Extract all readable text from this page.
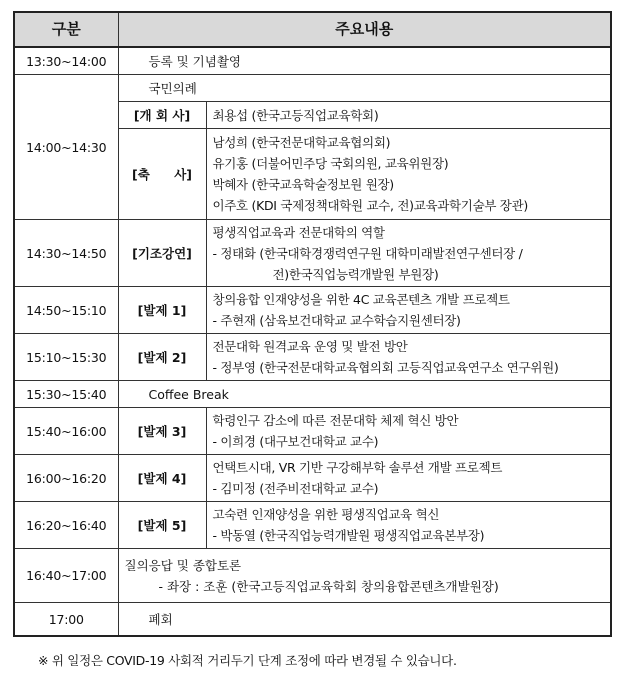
구분	주요내용	
13:30~14:00	등록 및 기념촬영	
14:00~14:30	국민의례	
	[개 회 사]	최용섭 (한국고등직업교육학회)

	[축 사]	남성희 (한국전문대학교육협의회)
유기홍 (더불어민주당 국회의원, 교육위원장)
박혜자 (한국교육학술정보원 원장)
이주호 (KDI 국제정책대학원 교수, 전)교육과학기술부 장관)

14:30~14:50	[기조강연]	평생직업교육과 전문대학의 역할
- 정태화 (한국대학경쟁력연구원 대학미래발전연구센터장 /
전)한국직업능력개발원 부원장)

14:50~15:10	[발제 1]	창의융합 인재양성을 위한 4C 교육콘텐츠 개발 프로젝트
- 주현재 (삼육보건대학교 교수학습지원센터장)

15:10~15:30	[발제 2]	전문대학 원격교육 운영 및 발전 방안
- 정부영 (한국전문대학교육협의회 고등직업교육연구소 연구위원)

15:30~15:40	Coffee Break	
15:40~16:00	[발제 3]	학령인구 감소에 따른 전문대학 체제 혁신 방안
- 이희경 (대구보건대학교 교수)

16:00~16:20	[발제 4]	언택트시대, VR 기반 구강해부학 솔루션 개발 프로젝트
- 김미정 (전주비전대학교 교수)

16:20~16:40	[발제 5]	고숙련 인재양성을 위한 평생직업교육 혁신
- 박동열 (한국직업능력개발원 평생직업교육본부장)

16:40~17:00	질의응답 및 종합토론
- 좌장 : 조훈 (한국고등직업교육학회 창의융합콘텐츠개발원장)	

17:00	폐회	
※ 위 일정은 COVID-19 사회적 거리두기 단계 조정에 따라 변경될 수 있습니다.
